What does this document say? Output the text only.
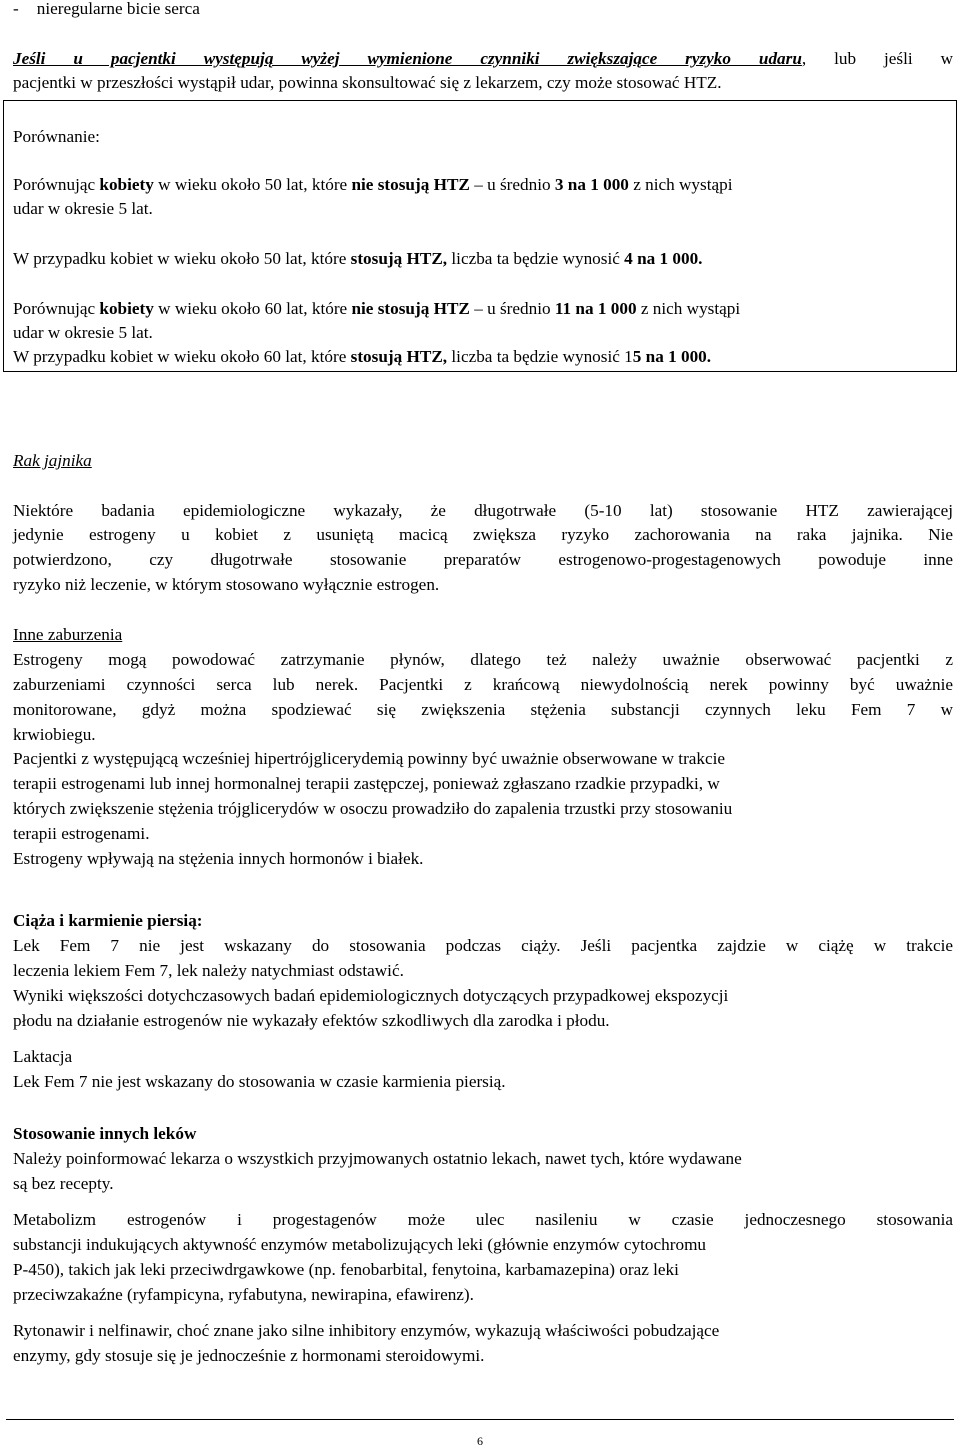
- nieregularne bicie serca
Jeśli u pacjentki występują wyżej wymienione czynniki zwiększające ryzyko udaru, lub jeśli w
pacjentki w przeszłości wystąpił udar, powinna skonsultować się z lekarzem, czy może stosować HTZ.
Porównanie:
Porównując kobiety w wieku około 50 lat, które nie stosują HTZ – u średnio 3 na 1 000 z nich wystąpi
udar w okresie 5 lat.
W przypadku kobiet w wieku około 50 lat, które stosują HTZ, liczba ta będzie wynosić 4 na 1 000.
Porównując kobiety w wieku około 60 lat, które nie stosują HTZ – u średnio 11 na 1 000 z nich wystąpi
udar w okresie 5 lat.
W przypadku kobiet w wieku około 60 lat, które stosują HTZ, liczba ta będzie wynosić 15 na 1 000.
Rak jajnika
Niektóre badania epidemiologiczne wykazały, że długotrwałe (5-10 lat) stosowanie HTZ zawierającej
jedynie estrogeny u kobiet z usuniętą macicą zwiększa ryzyko zachorowania na raka jajnika. Nie
potwierdzono, czy długotrwałe stosowanie preparatów estrogenowo-progestagenowych powoduje inne
ryzyko niż leczenie, w którym stosowano wyłącznie estrogen.
Inne zaburzenia
Estrogeny mogą powodować zatrzymanie płynów, dlatego też należy uważnie obserwować pacjentki z
zaburzeniami czynności serca lub nerek. Pacjentki z krańcową niewydolnością nerek powinny być uważnie
monitorowane, gdyż można spodziewać się zwiększenia stężenia substancji czynnych leku Fem 7 w
krwiobiegu.
Pacjentki z występującą wcześniej hipertrójglicerydemią powinny być uważnie obserwowane w trakcie
terapii estrogenami lub innej hormonalnej terapii zastępczej, ponieważ zgłaszano rzadkie przypadki, w
których zwiększenie stężenia trójglicerydów w osoczu prowadziło do zapalenia trzustki przy stosowaniu
terapii estrogenami.
Estrogeny wpływają na stężenia innych hormonów i białek.
Ciąża i karmienie piersią:
Lek Fem 7 nie jest wskazany do stosowania podczas ciąży. Jeśli pacjentka zajdzie w ciążę w trakcie
leczenia lekiem Fem 7, lek należy natychmiast odstawić.
Wyniki większości dotychczasowych badań epidemiologicznych dotyczących przypadkowej ekspozycji
płodu na działanie estrogenów nie wykazały efektów szkodliwych dla zarodka i płodu.
Laktacja
Lek Fem 7 nie jest wskazany do stosowania w czasie karmienia piersią.
Stosowanie innych leków
Należy poinformować lekarza o wszystkich przyjmowanych ostatnio lekach, nawet tych, które wydawane
są bez recepty.
Metabolizm estrogenów i progestagenów może ulec nasileniu w czasie jednoczesnego stosowania
substancji indukujących aktywność enzymów metabolizujących leki (głównie enzymów cytochromu
P-450), takich jak leki przeciwdrgawkowe (np. fenobarbital, fenytoina, karbamazepina) oraz leki
przeciwzakaźne (ryfampicyna, ryfabutyna, newirapina, efawirenz).
Rytonawir i nelfinawir, choć znane jako silne inhibitory enzymów, wykazują właściwości pobudzające
enzymy, gdy stosuje się je jednocześnie z hormonami steroidowymi.
6
